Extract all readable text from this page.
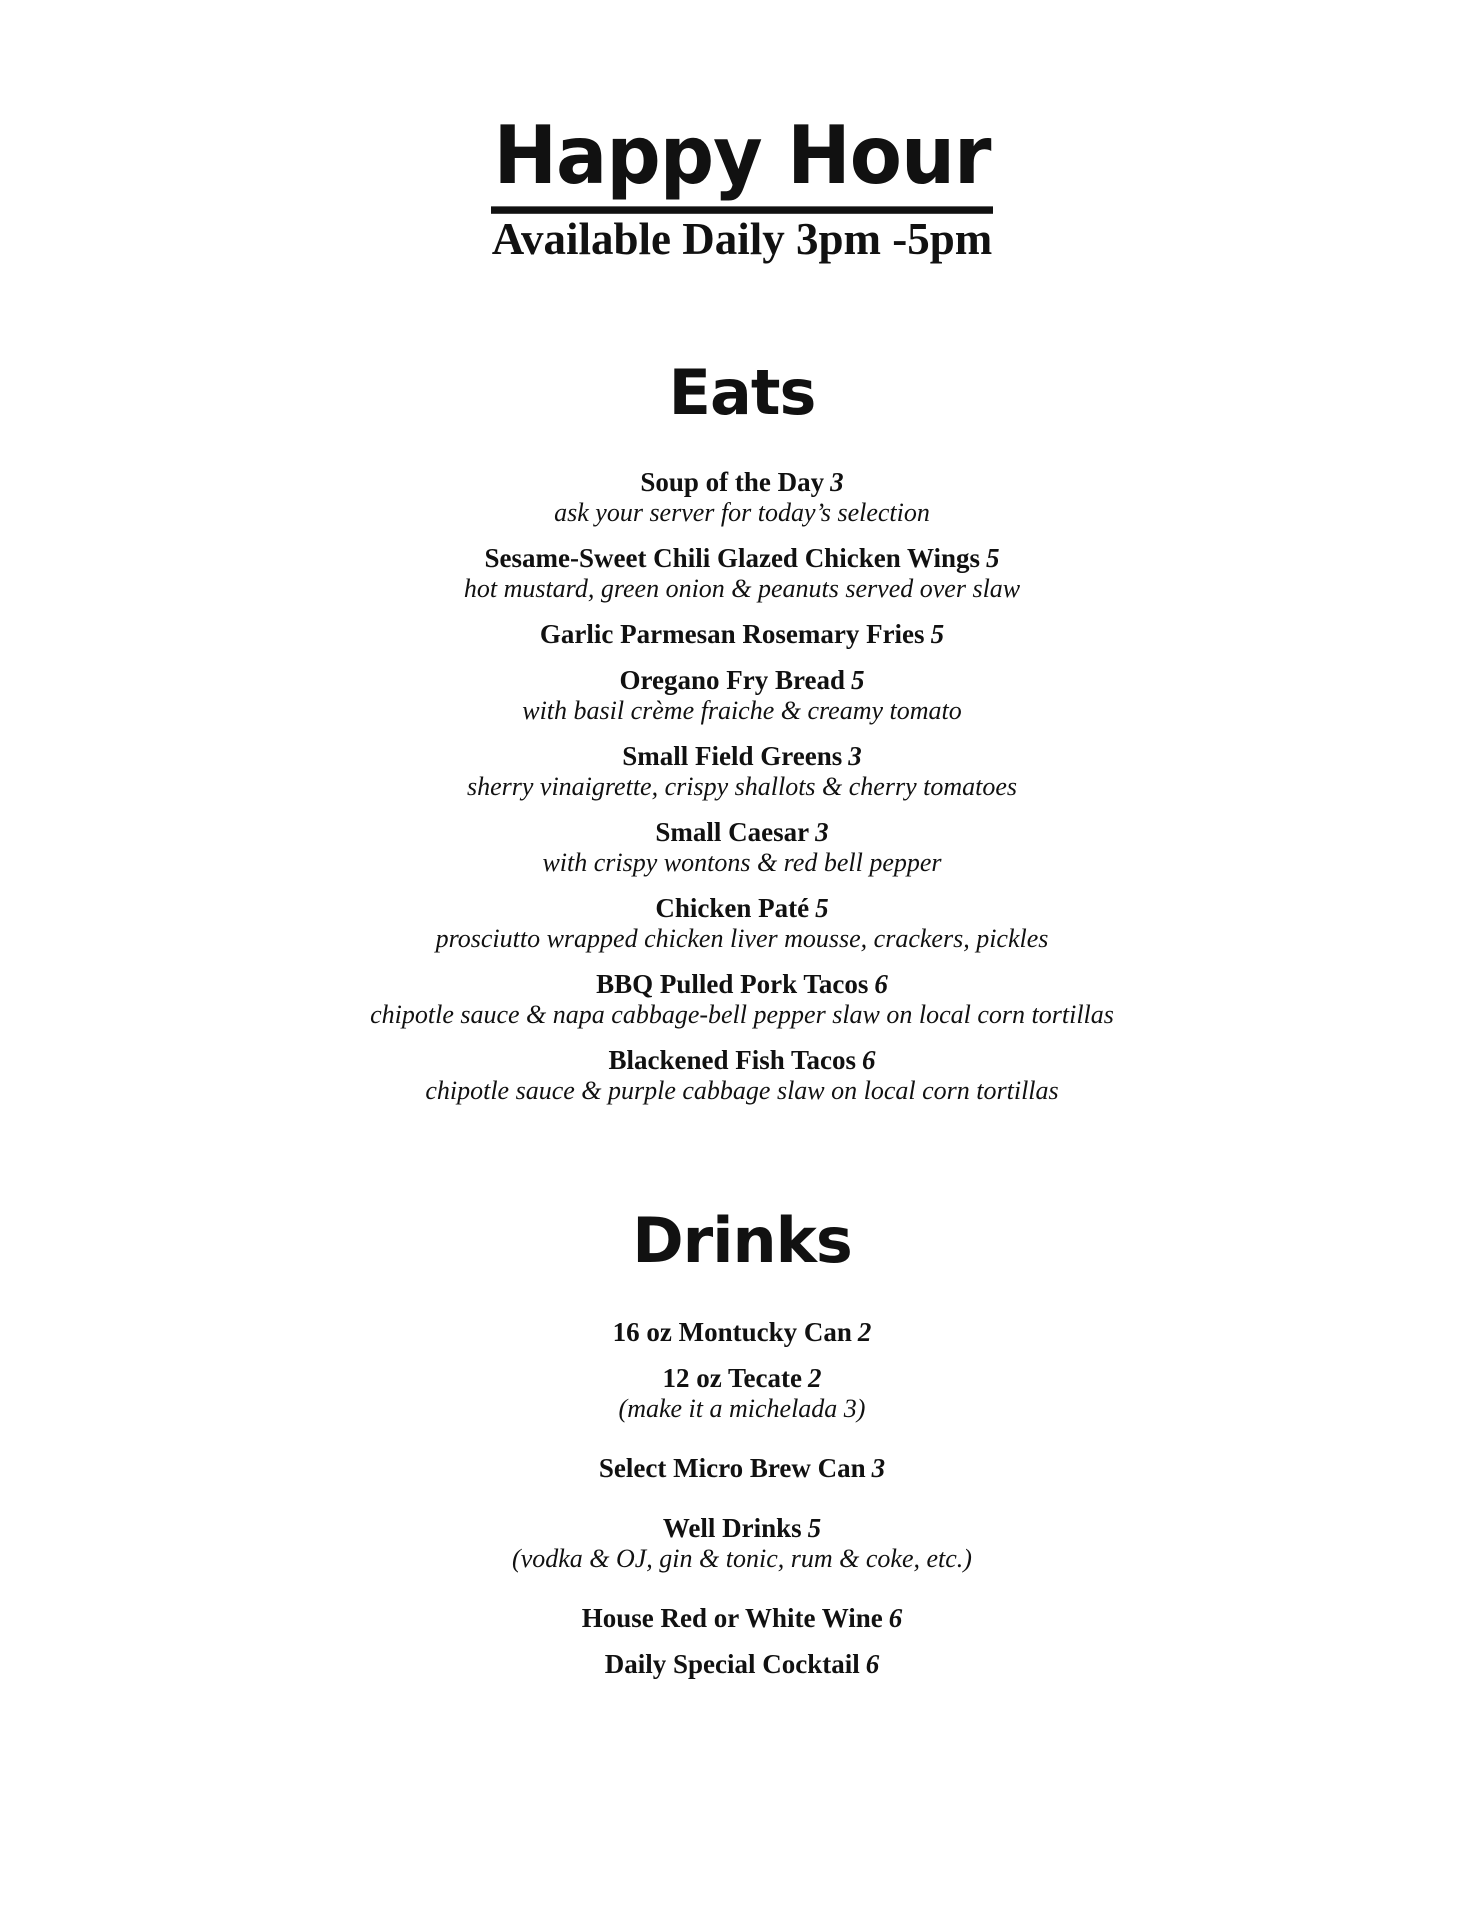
Happy Hour
Available Daily 3pm -5pm
Eats
Soup of the Day 3
ask your server for today’s selection
Sesame-Sweet Chili Glazed Chicken Wings 5
hot mustard, green onion & peanuts served over slaw
Garlic Parmesan Rosemary Fries 5
Oregano Fry Bread 5
with basil crème fraiche & creamy tomato
Small Field Greens 3
sherry vinaigrette, crispy shallots & cherry tomatoes
Small Caesar 3
with crispy wontons & red bell pepper
Chicken Paté 5
prosciutto wrapped chicken liver mousse, crackers, pickles
BBQ Pulled Pork Tacos 6
chipotle sauce & napa cabbage-bell pepper slaw on local corn tortillas
Blackened Fish Tacos 6
chipotle sauce & purple cabbage slaw on local corn tortillas
Drinks
16 oz Montucky Can 2
12 oz Tecate 2
(make it a michelada 3)
Select Micro Brew Can 3
Well Drinks 5
(vodka & OJ, gin & tonic, rum & coke, etc.)
House Red or White Wine 6
Daily Special Cocktail 6
